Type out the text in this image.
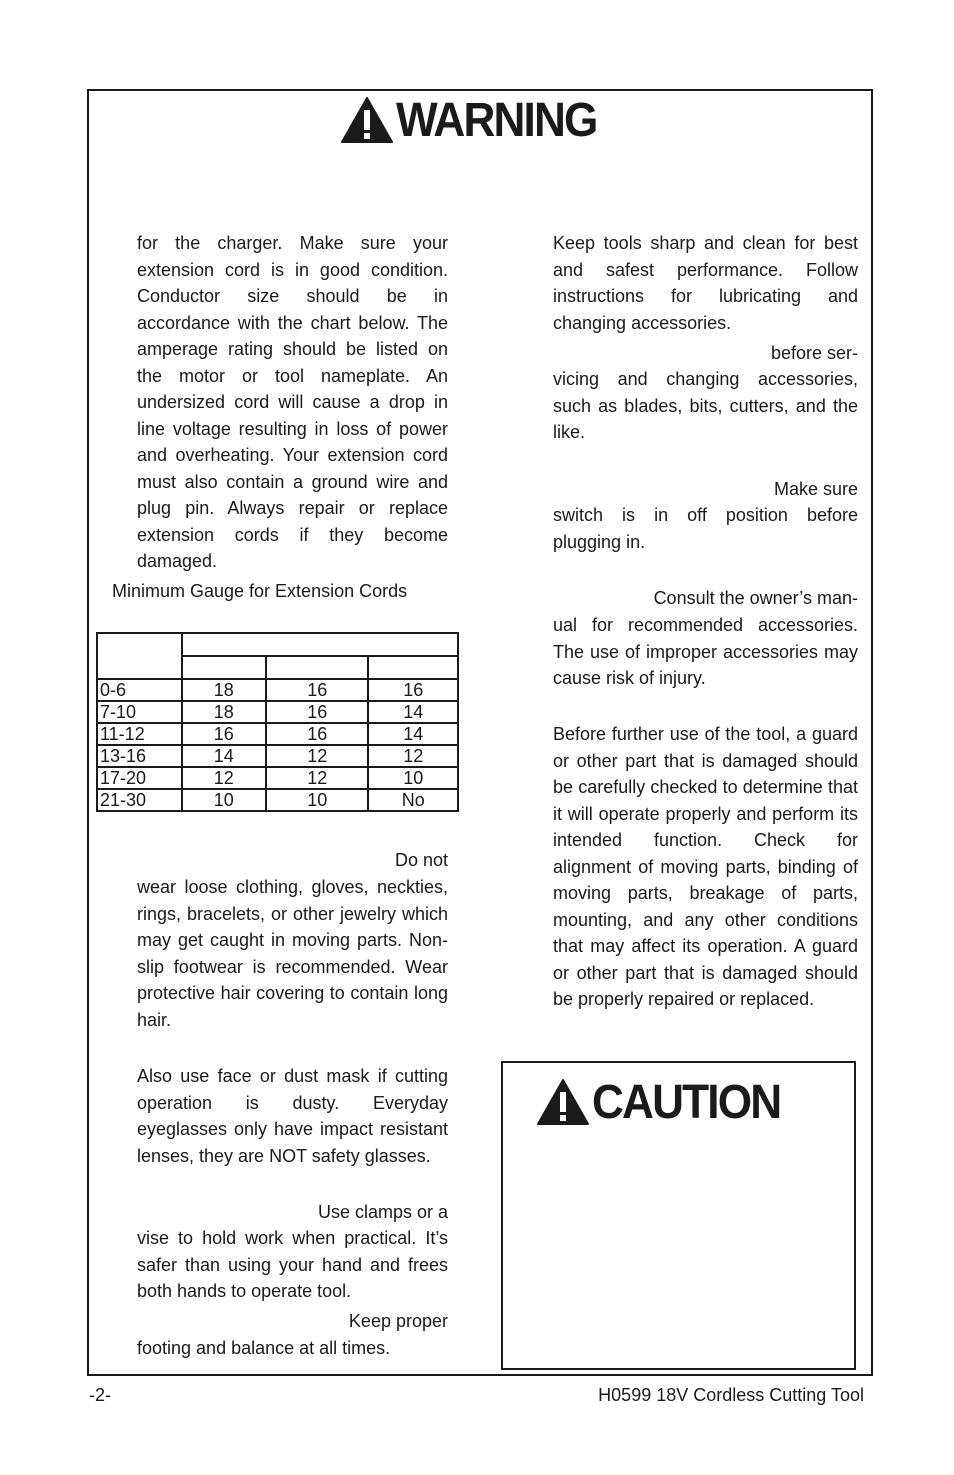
WARNING

for the charger. Make sure your extension cord is in good condition. Conductor size should be in accordance with the chart below. The amperage rating should be listed on the motor or tool nameplate. An undersized cord will cause a drop in line voltage resulting in loss of power and overheating. Your extension cord must also contain a ground wire and plug pin. Always repair or replace extension cords if they become damaged.

Minimum Gauge for Extension Cords

0-6	18	16	16
7-10	18	16	14
11-12	16	16	14
13-16	14	12	12
17-20	12	12	10
21-30	10	10	No

Do not

wear loose clothing, gloves, neckties, rings, bracelets, or other jewelry which may get caught in moving parts. Non-slip footwear is recommended. Wear protective hair covering to contain long hair.

Also use face or dust mask if cutting operation is dusty. Everyday eyeglasses only have impact resistant lenses, they are NOT safety glasses.

Use clamps or a

vise to hold work when practical. It’s safer than using your hand and frees both hands to operate tool.

Keep proper

footing and balance at all times.

Keep tools sharp and clean for best and safest performance. Follow instructions for lubricating and changing accessories.

before ser-

vicing and changing accessories, such as blades, bits, cutters, and the like.

Make sure

switch is in off position before plugging in.

Consult the owner’s man-

ual for recommended accessories. The use of improper accessories may cause risk of injury.

Before further use of the tool, a guard or other part that is damaged should be carefully checked to determine that it will operate properly and perform its intended function. Check for alignment of moving parts, binding of moving parts, breakage of parts, mounting, and any other conditions that may affect its operation. A guard or other part that is damaged should be properly repaired or replaced.

CAUTION
-2-	H0599 18V Cordless Cutting Tool
